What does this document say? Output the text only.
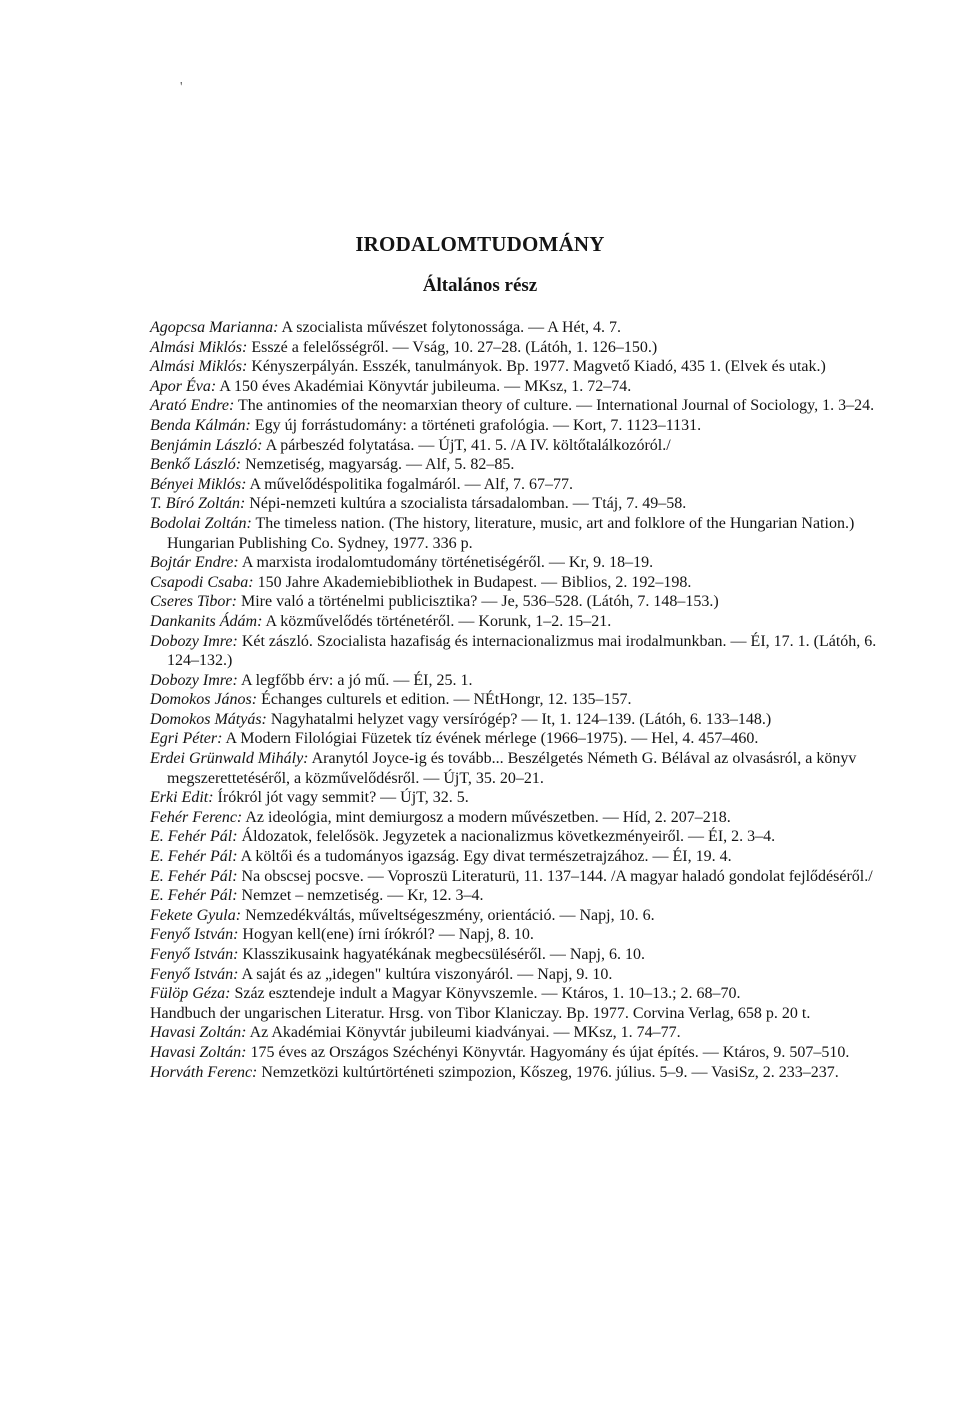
'
IRODALOMTUDOMÁNY
Általános rész
Agopcsa Marianna: A szocialista művészet folytonossága. — A Hét, 4. 7.
Almási Miklós: Esszé a felelősségről. — Vság, 10. 27–28. (Látóh, 1. 126–150.)
Almási Miklós: Kényszerpályán. Esszék, tanulmányok. Bp. 1977. Magvető Kiadó, 435 1. (Elvek és utak.)
Apor Éva: A 150 éves Akadémiai Könyvtár jubileuma. — MKsz, 1. 72–74.
Arató Endre: The antinomies of the neomarxian theory of culture. — International Journal of Sociology, 1. 3–24.
Benda Kálmán: Egy új forrástudomány: a történeti grafológia. — Kort, 7. 1123–1131.
Benjámin László: A párbeszéd folytatása. — ÚjT, 41. 5. /A IV. költőtalálkozóról./
Benkő László: Nemzetiség, magyarság. — Alf, 5. 82–85.
Bényei Miklós: A művelődéspolitika fogalmáról. — Alf, 7. 67–77.
T. Bíró Zoltán: Népi-nemzeti kultúra a szocialista társadalomban. — Ttáj, 7. 49–58.
Bodolai Zoltán: The timeless nation. (The history, literature, music, art and folklore of the Hungarian Nation.) Hungarian Publishing Co. Sydney, 1977. 336 p.
Bojtár Endre: A marxista irodalomtudomány történetiségéről. — Kr, 9. 18–19.
Csapodi Csaba: 150 Jahre Akademiebibliothek in Budapest. — Biblios, 2. 192–198.
Cseres Tibor: Mire való a történelmi publicisztika? — Je, 536–528. (Látóh, 7. 148–153.)
Dankanits Ádám: A közművelődés történetéről. — Korunk, 1–2. 15–21.
Dobozy Imre: Két zászló. Szocialista hazafiság és internacionalizmus mai irodalmunkban. — ÉI, 17. 1. (Látóh, 6. 124–132.)
Dobozy Imre: A legfőbb érv: a jó mű. — ÉI, 25. 1.
Domokos János: Échanges culturels et edition. — NÉtHongr, 12. 135–157.
Domokos Mátyás: Nagyhatalmi helyzet vagy versírógép? — It, 1. 124–139. (Látóh, 6. 133–148.)
Egri Péter: A Modern Filológiai Füzetek tíz évének mérlege (1966–1975). — Hel, 4. 457–460.
Erdei Grünwald Mihály: Aranytól Joyce-ig és tovább... Beszélgetés Németh G. Bélával az olvasásról, a könyv megszerettetéséről, a közművelődésről. — ÚjT, 35. 20–21.
Erki Edit: Írókról jót vagy semmit? — ÚjT, 32. 5.
Fehér Ferenc: Az ideológia, mint demiurgosz a modern művészetben. — Híd, 2. 207–218.
E. Fehér Pál: Áldozatok, felelősök. Jegyzetek a nacionalizmus következményeiről. — ÉI, 2. 3–4.
E. Fehér Pál: A költői és a tudományos igazság. Egy divat természetrajzához. — ÉI, 19. 4.
E. Fehér Pál: Na obscsej pocsve. — Voproszü Literaturü, 11. 137–144. /A magyar haladó gondolat fejlődéséről./
E. Fehér Pál: Nemzet – nemzetiség. — Kr, 12. 3–4.
Fekete Gyula: Nemzedékváltás, műveltségeszmény, orientáció. — Napj, 10. 6.
Fenyő István: Hogyan kell(ene) írni írókról? — Napj, 8. 10.
Fenyő István: Klasszikusaink hagyatékának megbecsüléséről. — Napj, 6. 10.
Fenyő István: A saját és az „idegen" kultúra viszonyáról. — Napj, 9. 10.
Fülöp Géza: Száz esztendeje indult a Magyar Könyvszemle. — Ktáros, 1. 10–13.; 2. 68–70.
Handbuch der ungarischen Literatur. Hrsg. von Tibor Klaniczay. Bp. 1977. Corvina Verlag, 658 p. 20 t.
Havasi Zoltán: Az Akadémiai Könyvtár jubileumi kiadványai. — MKsz, 1. 74–77.
Havasi Zoltán: 175 éves az Országos Széchényi Könyvtár. Hagyomány és újat építés. — Ktáros, 9. 507–510.
Horváth Ferenc: Nemzetközi kultúrtörténeti szimpozion, Kőszeg, 1976. július. 5–9. — VasiSz, 2. 233–237.
